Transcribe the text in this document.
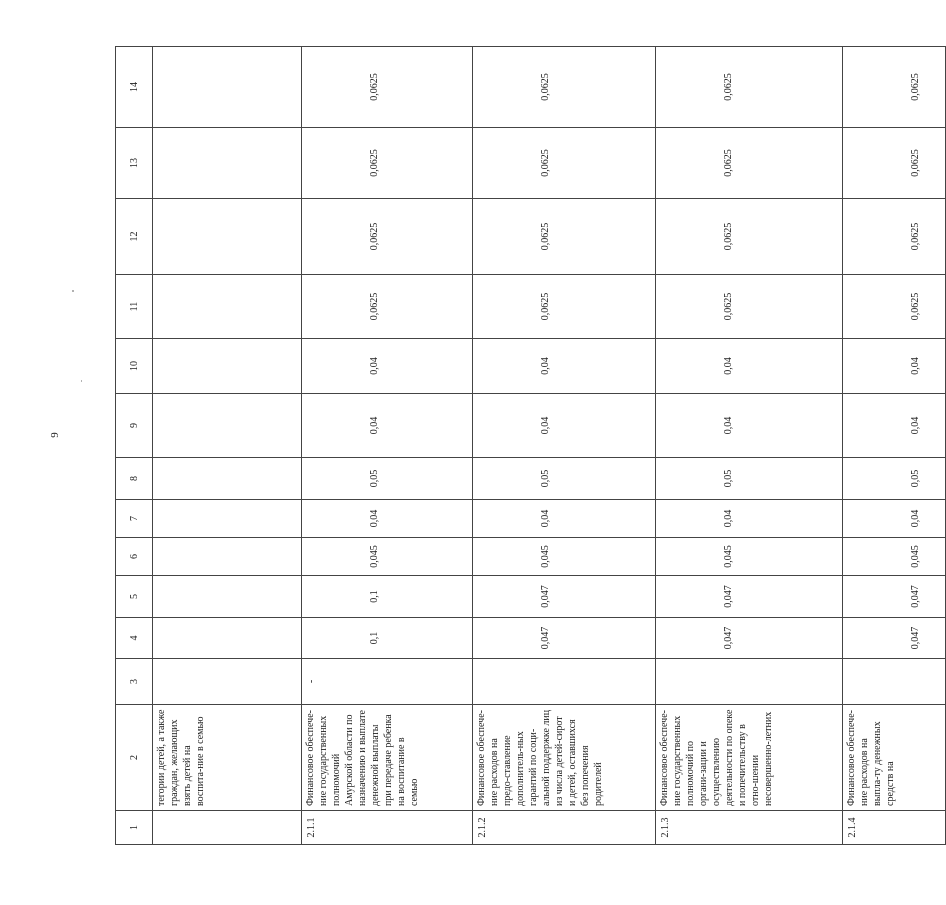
9
1	2	3	4	5	6	7	8	9	10	11	12	13	14
	тегории детей, а также граждан, желающих взять детей на воспита-ние в семью												
2.1.1	Финансовое обеспече-ние государственных полномочий Амурской области по назначению и выплате денежной выплаты при передаче ребенка на воспитание в семью	-	0,1	0,1	0,045	0,04	0,05	0,04	0,04	0,0625	0,0625	0,0625	0,0625
2.1.2	Финансовое обеспече-ние расходов на предо-ставление дополнитель-ных гарантий по соци-альной поддержке лиц из числа детей-сирот и детей, оставшихся без попечения родителей		0,047	0,047	0,045	0,04	0,05	0,04	0,04	0,0625	0,0625	0,0625	0,0625
2.1.3	Финансовое обеспече-ние государственных полномочий по органи-зации и осуществлению деятельности по опеке и попечительству в отно-шении несовершенно-летних		0,047	0,047	0,045	0,04	0,05	0,04	0,04	0,0625	0,0625	0,0625	0,0625
2.1.4	Финансовое обеспече-ние расходов на выпла-ту денежных средств на		0,047	0,047	0,045	0,04	0,05	0,04	0,04	0,0625	0,0625	0,0625	0,0625
